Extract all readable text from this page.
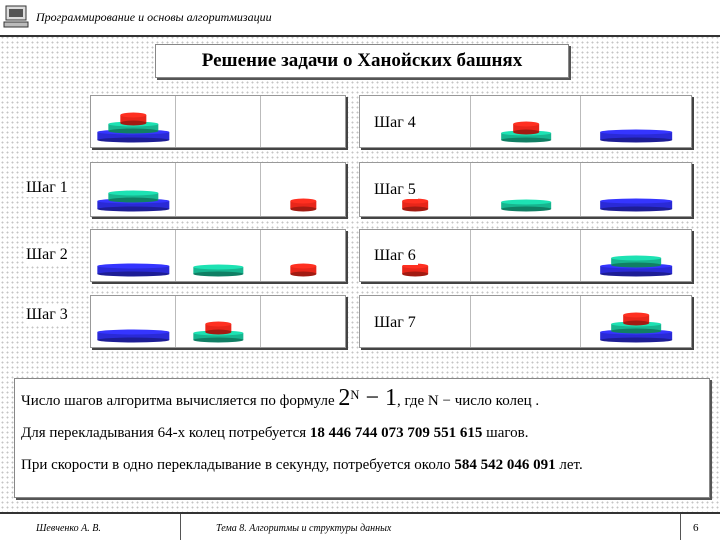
Программирование и основы алгоритмизации
Решение задачи о Ханойских башнях
Шаг 1
Шаг 2
Шаг 3
Шаг 4
Шаг 5
Шаг 6
Шаг 7
Число шагов алгоритма вычисляется по формуле $2^N - 1$, где N − число колец .
Для перекладывания 64-х колец потребуется 18 446 744 073 709 551 615 шагов.
При скорости в одно перекладывание в секунду, потребуется около 584 542 046 091 лет.
Шевченко А. В.	Тема 8. Алгоритмы и структуры данных	6
